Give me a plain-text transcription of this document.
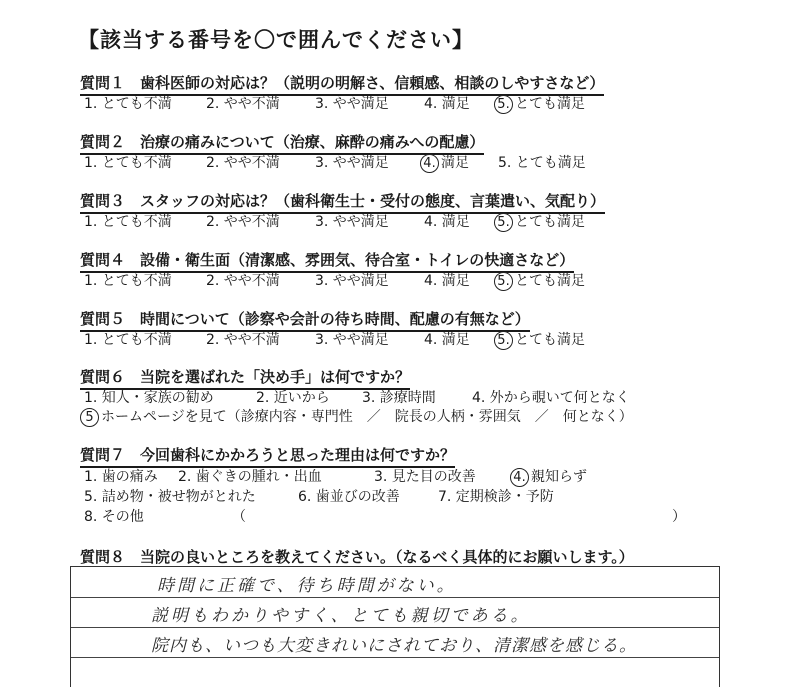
【該当する番号を〇で囲んでください】
質問１　歯科医師の対応は？（説明の明解さ、信頼感、相談のしやすさなど）
1. とても不満 2. やや不満	3. やや満足	4. 満足 5. とても満足
質問２　治療の痛みについて（治療、麻酔の痛みへの配慮）
1. とても不満 2. やや不満	3. やや満足	4. 満足 5. とても満足
質問３　スタッフの対応は？（歯科衛生士・受付の態度、言葉遣い、気配り）
1. とても不満 2. やや不満	3. やや満足	4. 満足 5. とても満足
質問４　設備・衛生面（清潔感、雰囲気、待合室・トイレの快適さなど）
1. とても不満 2. やや不満	3. やや満足	4. 満足 5. とても満足
質問５　時間について（診察や会計の待ち時間、配慮の有無など）
1. とても不満 2. やや不満	3. やや満足	4. 満足 5. とても満足
質問６　当院を選ばれた「決め手」は何ですか？
1. 知人・家族の勧め	2. 近いから 3. 診療時間	4. 外から覗いて何となく
5 ホームページを見て（診療内容・専門性　／　院長の人柄・雰囲気　／　何となく）
質問７　今回歯科にかかろうと思った理由は何ですか？
1. 歯の痛み 2. 歯ぐきの腫れ・出血	3. 見た目の改善	4. 親知らず
5. 詰め物・被せ物がとれた	6. 歯並びの改善	7. 定期検診・予防
8. その他	（	）
質問８　当院の良いところを教えてください。（なるべく具体的にお願いします。）
時間に正確で、待ち時間がない。
説明もわかりやすく、とても親切である。
院内も、いつも大変きれいにされており、清潔感を感じる。
